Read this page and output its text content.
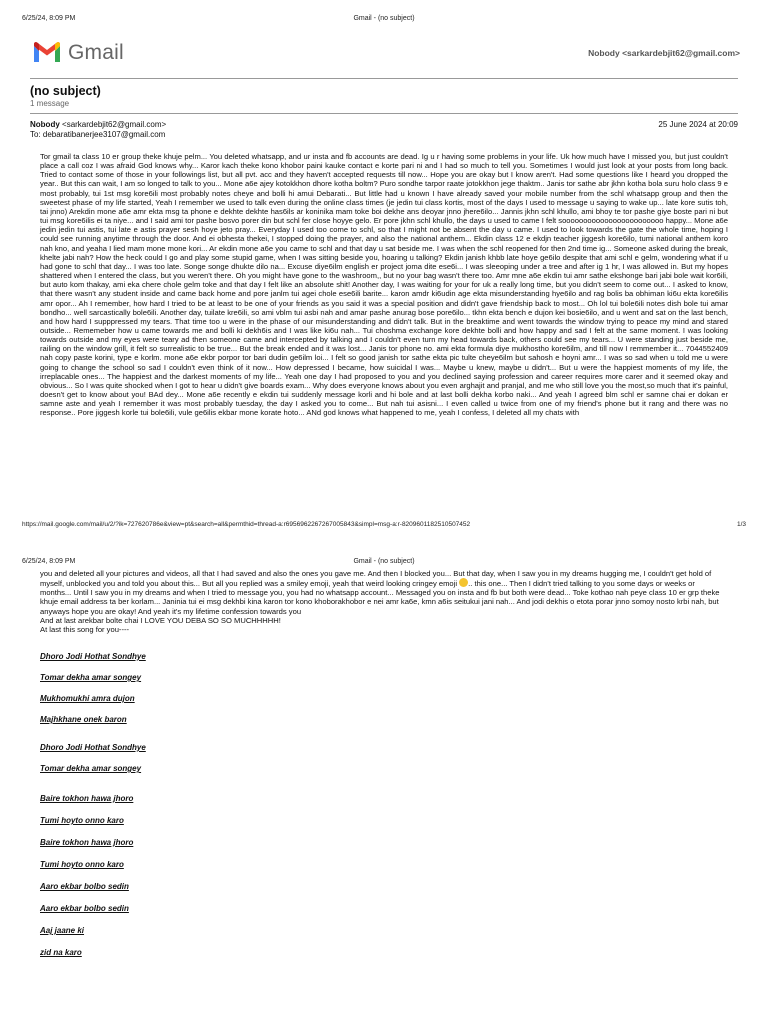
6/25/24, 8:09 PM	Gmail - (no subject)
Gmail	Nobody <sarkardebjit62@gmail.com>
(no subject)
1 message
Nobody <sarkardebjit62@gmail.com>
To: debaratibanerjee3107@gmail.com
25 June 2024 at 20:09

Tor gmail ta class 10 er group theke khuje pelm... You deleted whatsapp, and ur insta and fb accounts are dead. Ig u r having some problems in your life. Uk how much have I missed you, but just couldn't place a call coz I was afraid God knows why... Karor kach theke kono khobor paini kauke contact e korte pari ni and I had so much to tell you. Sometimes I would just look at your posts from long back. Tried to contact some of those in your followings list, but all pvt. acc and they haven't accepted requests till now... Hope you are okay but I know aren't. Had some questions like I heard you dropped the year.. But this can wait, I am so longed to talk to you... Mone a6e ajey kotokkhon dhore kotha boltm? Puro sondhe tarpor raate jotokkhon jege thaktm.. Janis tor sathe abr jkhn kotha bola suru holo class 9 e most probably, tui 1st msg kore6ili most probably notes cheye and bolli hi amui Debarati... But little had u known I have already saved your mobile number from the schl whatsapp group and then the sweetest phase of my life started, Yeah I remember we used to talk even during the online class times (je jedin tui class kortis, most of the days I used to message u saying to wake up... late kore sutis toh, tai jnno) Arekdin mone a6e amr ekta msg ta phone e dekhte dekhte has6ils ar koninika mam toke boi dekhe ans deoyar jnno jhere6ilo... Jannis jkhn schl khullo, ami bhoy te tor pashe giye boste pari ni but tui msg kore6ilis ei ta niye... and I said ami tor pashe bosvo porer din but schl fer close hoyye gelo. Er pore jkhn schl khullo, the days u used to came I felt soooooooooooooooooooooooo happy... Mone a6e jedin jedin tui astis, tui late e astis prayer sesh hoye jeto pray... Everyday I used too come to schl, so that I might not be absent the day u came. I used to look towards the gate the whole time, hoping I could see running anytime through the door. And ei obhesta thekei, I stopped doing the prayer, and also the national anthem... Ekdin class 12 e ekdjn teacher jiggesh kore6ilo, tumi national anthem koro nah kno, and yeaha I lied mam mone mone kori... Ar ekdin mone a6e you came to schl and that day u sat beside me. I was when the schl reopened for then 2nd time ig... Someone asked during the break, khelte jabi nah? How the heck could I go and play some stupid game, when I was sitting beside you, hoaring u talking? Ekdin janish khbb late hoye ge6ilo despite that ami schl e gelm, wondering what if u had gone to schl that day... I was too late. Songe songe dhukte dilo na... Excuse diye6ilm english er project joma dite ese6i... I was sleeoping under a tree and after ig 1 hr, I was allowed in. But my hopes shattered when I entered the class, but you weren't there. Oh you might have gone to the washroom,, but no your bag wasn't there too. Amr mne a6e ekdin tui amr sathe ekshonge bari jabi bole wait kor6ili, but auto kom thakay, ami eka chere chole gelm toke and that day I felt like an absolute shit! Another day, I was waiting for your for uk a really long time, but you didn't seem to come out... I asked to know, that there wasn't any student inside and came back home and pore janlm tui agei chole ese6ili barite... karon amdr ki6udin age ekta misunderstanding hye6ilo and rag bolis ba obhiman ki6u ekta kore6ilis amr opor... Ah I remember, how hard I tried to be at least to be one of your friends as you said it was a special position and didn't gave friendship back to most... Oh lol tui bole6ili notes dish bole tui amar bondho... well sarcastically bole6ili. Another day, tuilate kre6ili, so ami vblm tui asbi nah and amar pashe anurag bose pore6ilo... tkhn ekta bench e dujon kei bosie6ilo, and u went and sat on the last bench, and how hard I supppressed my tears. That time too u were in the phase of our misunderstanding and didn't talk. But in the breaktime and went towards the window trying to peace my mind and stared outside... Rememeber how u came towards me and bolli ki dekh6is and I was like ki6u nah... Tui choshma exchange kore dekhte bolli and how happy and sad I felt at the same moment. I was looking towards outside and my eyes were teary ad then someone came and intercepted by talking and I couldn't even turn my head towards back, others could see my tears... U were standing just beside me, railing on the window grill, it felt so surrealistic to be true... But the break ended and it was lost... Janis tor phone no. ami ekta formula diye mukhostho kore6ilm, and till now I remmember it... 7044552409 nah copy paste korini, type e korlm. mone a6e ekbr porpor tor bari dudin ge6ilm loi... I felt so good janish tor sathe ekta pic tulte cheye6ilm but sahosh e hoyni amr... I was so sad when u told me u were going to change the school so sad I couldn't even think of it now... How depressed I became, how suicidal I was... Maybe u knew, maybe u didn't... But u were the happiest moments of my life, the irreplacable ones... The happiest and the darkest moments of my life... Yeah one day I had proposed to you and you declined saying profession and career requires more carer and it seemed okay and obvious... So I was quite shocked when I got to hear u didn't give boards exam... Why does everyone knows about you even arghajit and pranjal, and me who still love you the most,so much that it's painful, doesn't get to know about you! BAd dey... Mone a6e recently e ekdin tui suddenly message korli and hi bole and at last bolli dekha korbo naki... And yeah I agreed blm schl er samne chai er dokan er samne aste and yeah I remember it was most probably tuesday, the day I asked you to come... But nah tui asisni... I even called u twice from one of my friend's phone but it rang and there was no response.. Pore jiggesh korle tui bole6ili, vule ge6ilis ekbar mone korate hoto... ANd god knows what happened to me, yeah I confess, I deleted all my chats with

https://mail.google.com/mail/u/2/?ik=727620786e&view=pt&search=all&permthid=thread-a:r6956962267267005843&simpl=msg-a:r-8209601182510507452	1/3
6/25/24, 8:09 PM	Gmail - (no subject)
you and deleted all your pictures and videos, all that I had saved and also the ones you gave me. And then I blocked you... But that day, when I saw you in my dreams hugging me, I couldn't get hold of myself, unblocked you and told you about this... But all you replied was a smiley emoji, yeah that weird looking cringey emoji .. this one... Then I didn't tried talking to you some days or weeks or months... Until I saw you in my dreams and when I tried to message you, you had no whatsapp account... Messaged you on insta and fb but both were dead... Toke kothao nah peye class 10 er grp theke khuje email address ta ber korlam... Janinia tui ei msg dekhbi kina karon tor kono khoborakhobor e nei amr ka6e, kmn a6is seitukui jani nah... And jodi dekhis o etota porar jnno somoy nosto krbi nah, but anyways hope you are okay! And yeah it's my lifetime confession towards you
And at last arekbar bolte chai I LOVE YOU DEBA SO SO MUCHHHHH!
At last this song for you----
Dhoro Jodi Hothat Sondhye
Tomar dekha amar songey
Mukhomukhi amra dujon
Majhkhane onek baron
Dhoro Jodi Hothat Sondhye
Tomar dekha amar songey
Baire tokhon hawa jhoro
Tumi hoyto onno karo
Baire tokhon hawa jhoro
Tumi hoyto onno karo
Aaro ekbar bolbo sedin
Aaro ekbar bolbo sedin
Aaj jaane ki
zid na karo
